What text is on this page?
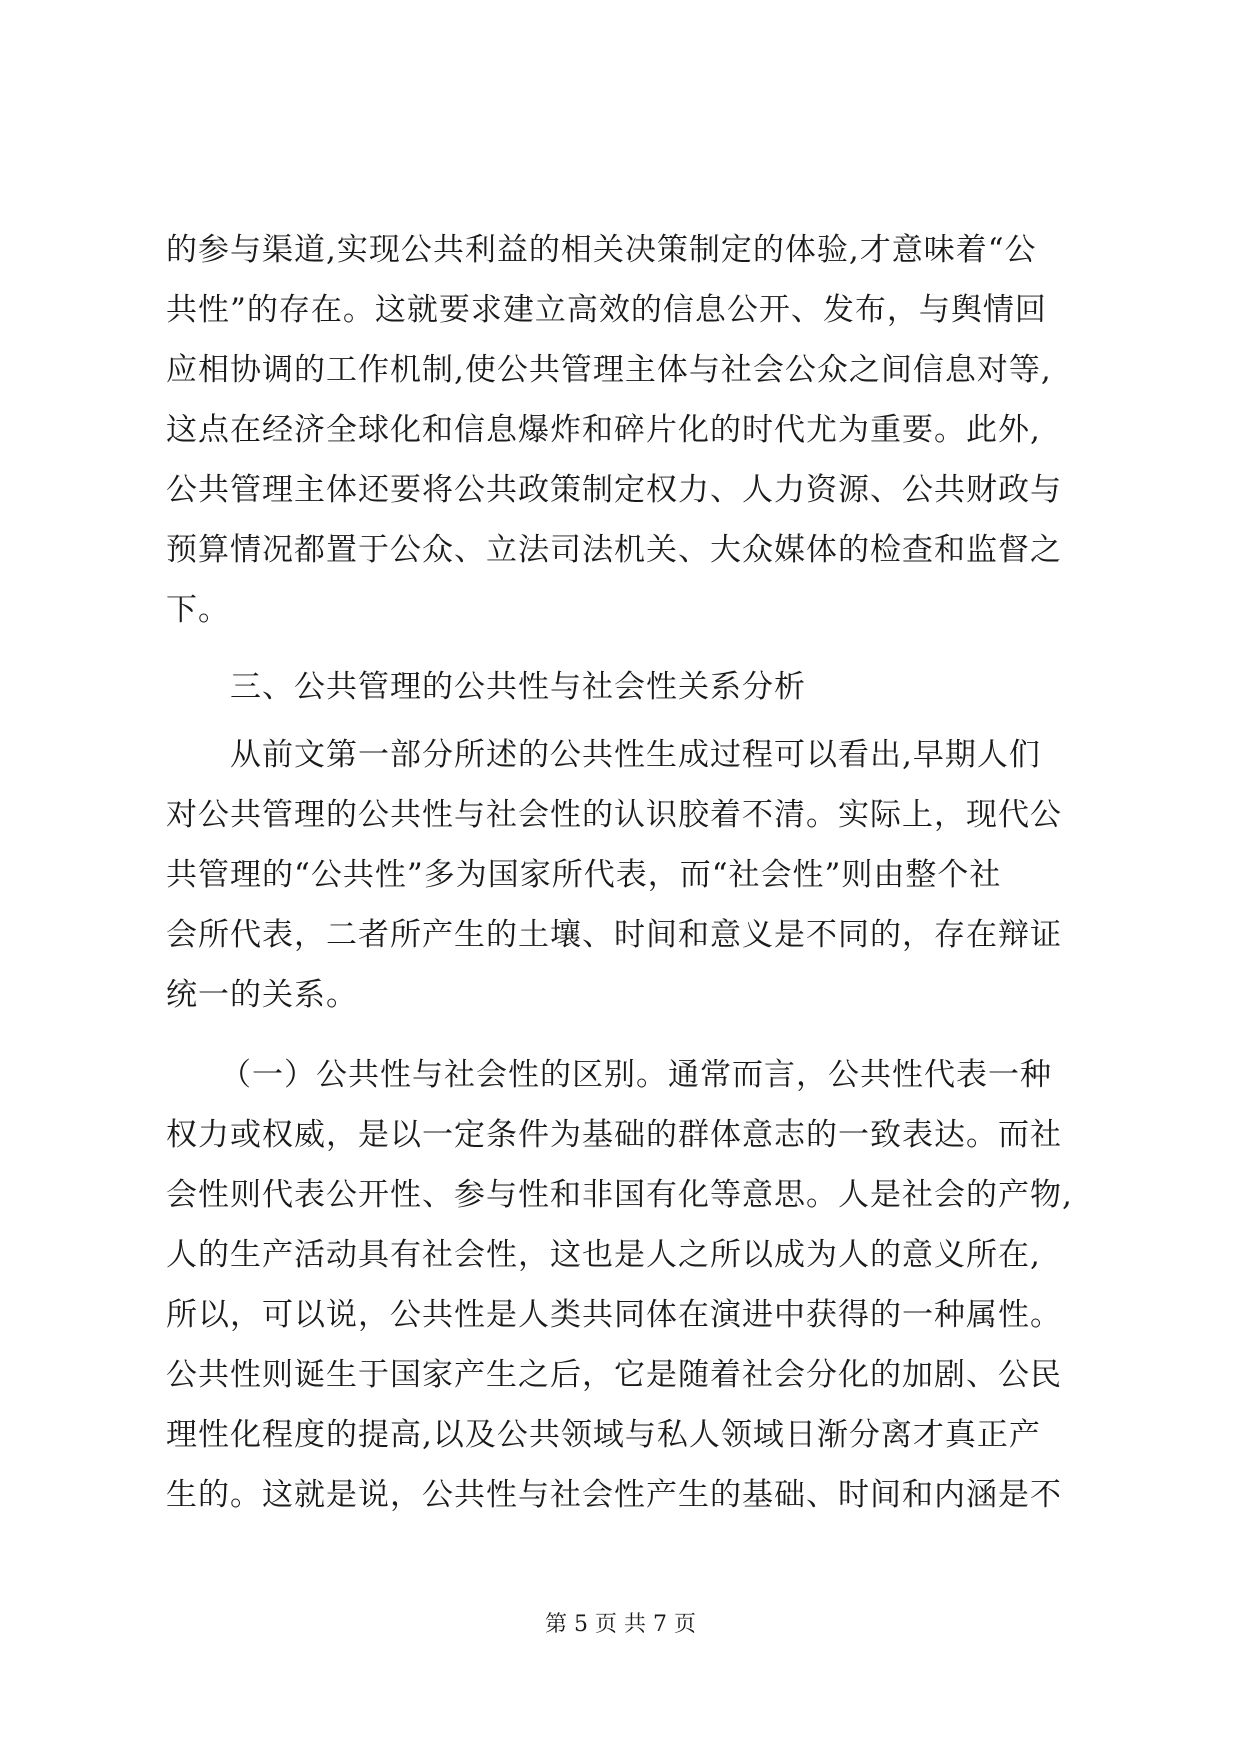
的参与渠道,实现公共利益的相关决策制定的体验,才意味着“公
共性”的存在。这就要求建立高效的信息公开、发布，与舆情回
应相协调的工作机制,使公共管理主体与社会公众之间信息对等,
这点在经济全球化和信息爆炸和碎片化的时代尤为重要。此外,
公共管理主体还要将公共政策制定权力、人力资源、公共财政与
预算情况都置于公众、立法司法机关、大众媒体的检查和监督之
下。
三、公共管理的公共性与社会性关系分析
从前文第一部分所述的公共性生成过程可以看出,早期人们
对公共管理的公共性与社会性的认识胶着不清。实际上，现代公
共管理的“公共性”多为国家所代表，而“社会性”则由整个社
会所代表，二者所产生的土壤、时间和意义是不同的，存在辩证
统一的关系。
（一）公共性与社会性的区别。通常而言，公共性代表一种
权力或权威，是以一定条件为基础的群体意志的一致表达。而社
会性则代表公开性、参与性和非国有化等意思。人是社会的产物,
人的生产活动具有社会性，这也是人之所以成为人的意义所在,
所以，可以说，公共性是人类共同体在演进中获得的一种属性。
公共性则诞生于国家产生之后，它是随着社会分化的加剧、公民
理性化程度的提高,以及公共领域与私人领域日渐分离才真正产
生的。这就是说，公共性与社会性产生的基础、时间和内涵是不
第 5 页 共 7 页
